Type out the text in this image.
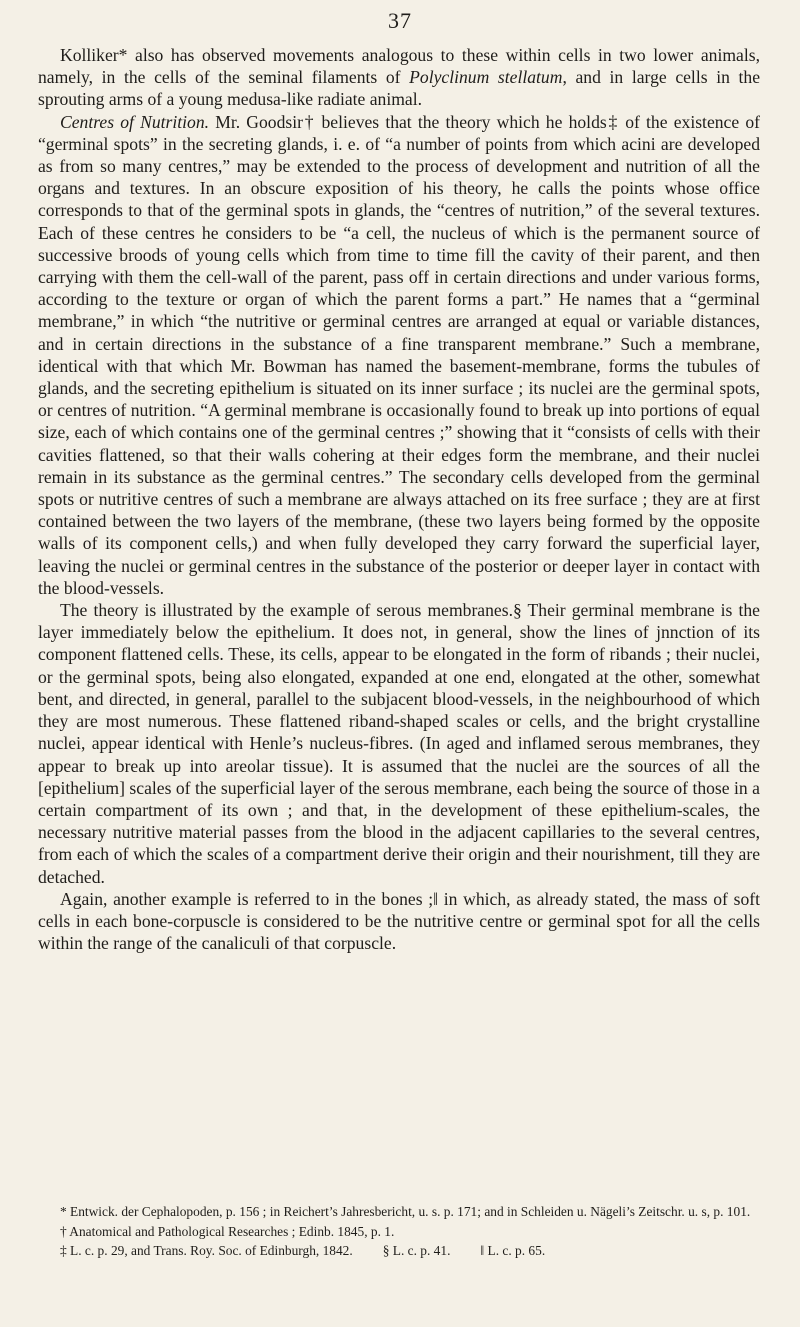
37

Kolliker* also has observed movements analogous to these within cells in two lower animals, namely, in the cells of the seminal filaments of Polyclinum stellatum, and in large cells in the sprouting arms of a young medusa-like radiate animal.

Centres of Nutrition. Mr. Goodsir† believes that the theory which he holds‡ of the existence of “germinal spots” in the secreting glands, i. e. of “a number of points from which acini are developed as from so many centres,” may be extended to the process of development and nutrition of all the organs and textures. In an obscure exposition of his theory, he calls the points whose office corresponds to that of the germinal spots in glands, the “centres of nutrition,” of the several textures. Each of these centres he considers to be “a cell, the nucleus of which is the permanent source of successive broods of young cells which from time to time fill the cavity of their parent, and then carrying with them the cell-wall of the parent, pass off in certain directions and under various forms, according to the texture or organ of which the parent forms a part.” He names that a “germinal membrane,” in which “the nutritive or germinal centres are arranged at equal or variable distances, and in certain directions in the substance of a fine transparent membrane.” Such a membrane, identical with that which Mr. Bowman has named the basement-membrane, forms the tubules of glands, and the secreting epithelium is situated on its inner surface ; its nuclei are the germinal spots, or centres of nutrition. “A germinal membrane is occasionally found to break up into portions of equal size, each of which contains one of the germinal centres ;” showing that it “consists of cells with their cavities flattened, so that their walls cohering at their edges form the membrane, and their nuclei remain in its substance as the germinal centres.” The secondary cells developed from the germinal spots or nutritive centres of such a membrane are always attached on its free surface ; they are at first contained between the two layers of the membrane, (these two layers being formed by the opposite walls of its component cells,) and when fully developed they carry forward the superficial layer, leaving the nuclei or germinal centres in the substance of the posterior or deeper layer in contact with the blood-vessels.

The theory is illustrated by the example of serous membranes.§ Their germinal membrane is the layer immediately below the epithelium. It does not, in general, show the lines of jnnction of its component flattened cells. These, its cells, appear to be elongated in the form of ribands ; their nuclei, or the germinal spots, being also elongated, expanded at one end, elongated at the other, somewhat bent, and directed, in general, parallel to the subjacent blood-vessels, in the neighbourhood of which they are most numerous. These flattened riband-shaped scales or cells, and the bright crystalline nuclei, appear identical with Henle’s nucleus-fibres. (In aged and inflamed serous membranes, they appear to break up into areolar tissue). It is assumed that the nuclei are the sources of all the [epithelium] scales of the superficial layer of the serous membrane, each being the source of those in a certain compartment of its own ; and that, in the development of these epithelium-scales, the necessary nutritive material passes from the blood in the adjacent capillaries to the several centres, from each of which the scales of a compartment derive their origin and their nourishment, till they are detached.

Again, another example is referred to in the bones ;‖ in which, as already stated, the mass of soft cells in each bone-corpuscle is considered to be the nutritive centre or germinal spot for all the cells within the range of the canaliculi of that corpuscle.

* Entwick. der Cephalopoden, p. 156 ; in Reichert’s Jahresbericht, u. s. p. 171; and in Schleiden u. Nägeli’s Zeitschr. u. s, p. 101.

† Anatomical and Pathological Researches ; Edinb. 1845, p. 1.

‡ L. c. p. 29, and Trans. Roy. Soc. of Edinburgh, 1842. § L. c. p. 41. ‖ L. c. p. 65.
